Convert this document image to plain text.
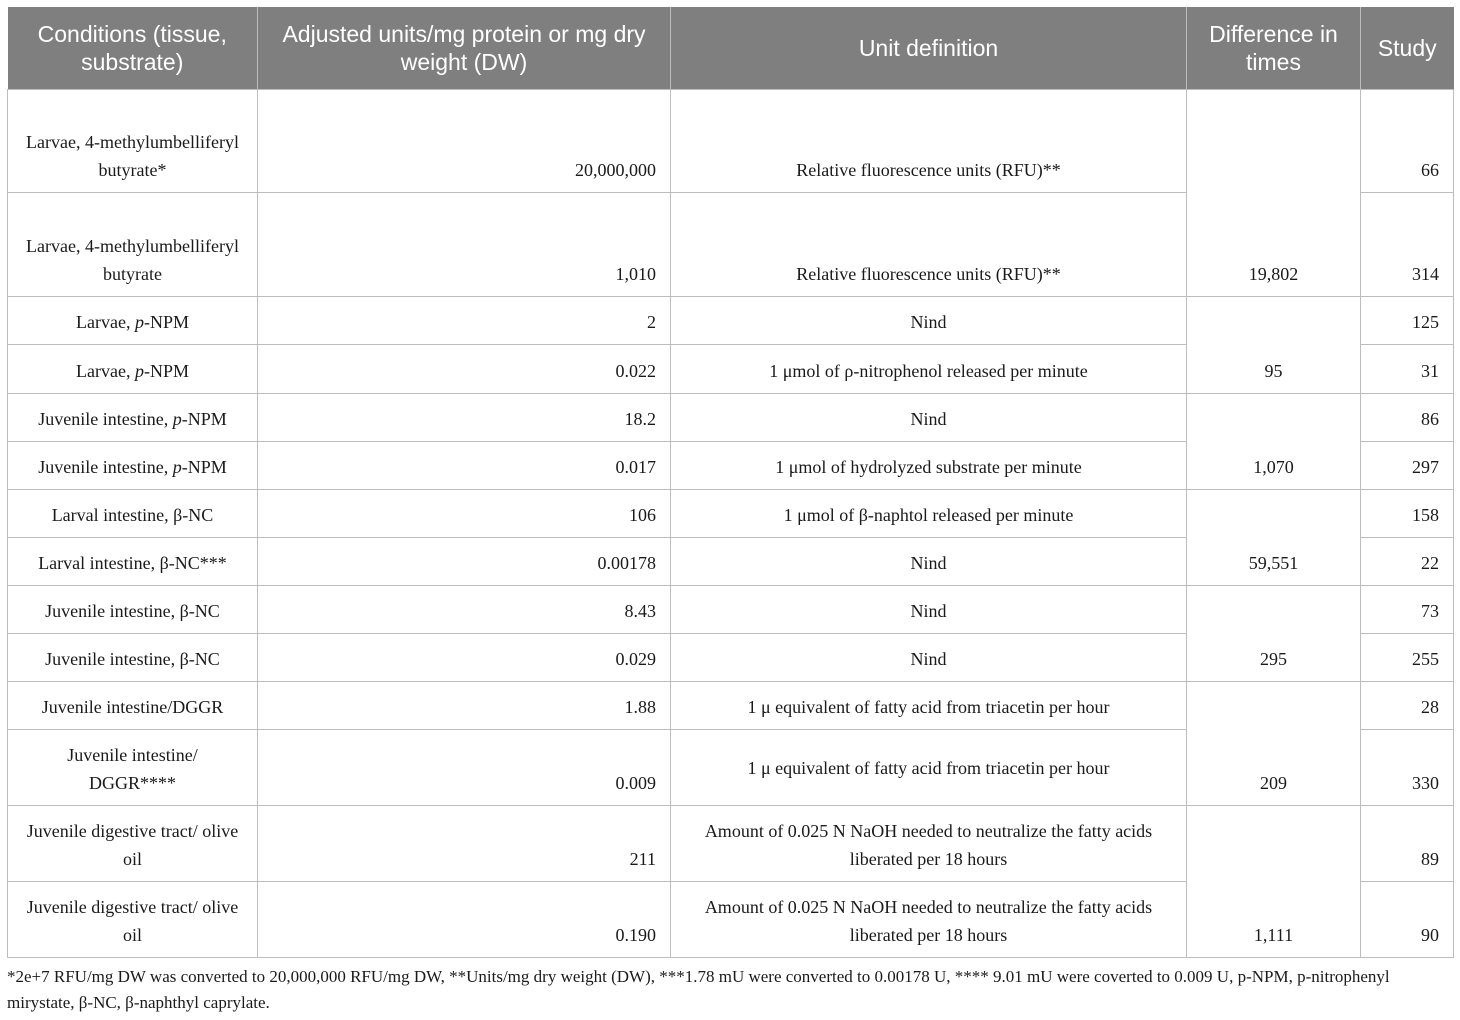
Conditions (tissue, substrate)	Adjusted units/mg protein or mg dry weight (DW)	Unit definition	Difference in times	Study
Larvae, 4-methylumbelliferyl butyrate*	20,000,000	Relative fluorescence units (RFU)**	19,802	66
Larvae, 4-methylumbelliferyl butyrate	1,010	Relative fluorescence units (RFU)**		314
Larvae, p-NPM	2	Nind	95	125
Larvae, p-NPM	0.022	1 μmol of ρ-nitrophenol released per minute		31
Juvenile intestine, p-NPM	18.2	Nind	1,070	86
Juvenile intestine, p-NPM	0.017	1 μmol of hydrolyzed substrate per minute		297
Larval intestine, β-NC	106	1 μmol of β-naphtol released per minute	59,551	158
Larval intestine, β-NC***	0.00178	Nind		22
Juvenile intestine, β-NC	8.43	Nind	295	73
Juvenile intestine, β-NC	0.029	Nind		255
Juvenile intestine/DGGR	1.88	1 μ equivalent of fatty acid from triacetin per hour	209	28
Juvenile intestine/ DGGR****	0.009	1 μ equivalent of fatty acid from triacetin per hour		330
Juvenile digestive tract/ olive oil	211	Amount of 0.025 N NaOH needed to neutralize the fatty acids liberated per 18 hours	1,111	89
Juvenile digestive tract/ olive oil	0.190	Amount of 0.025 N NaOH needed to neutralize the fatty acids liberated per 18 hours		90
*2e+7 RFU/mg DW was converted to 20,000,000 RFU/mg DW, **Units/mg dry weight (DW), ***1.78 mU were converted to 0.00178 U, **** 9.01 mU were coverted to 0.009 U, p-NPM, p-nitrophenyl mirystate, β-NC, β-naphthyl caprylate.
